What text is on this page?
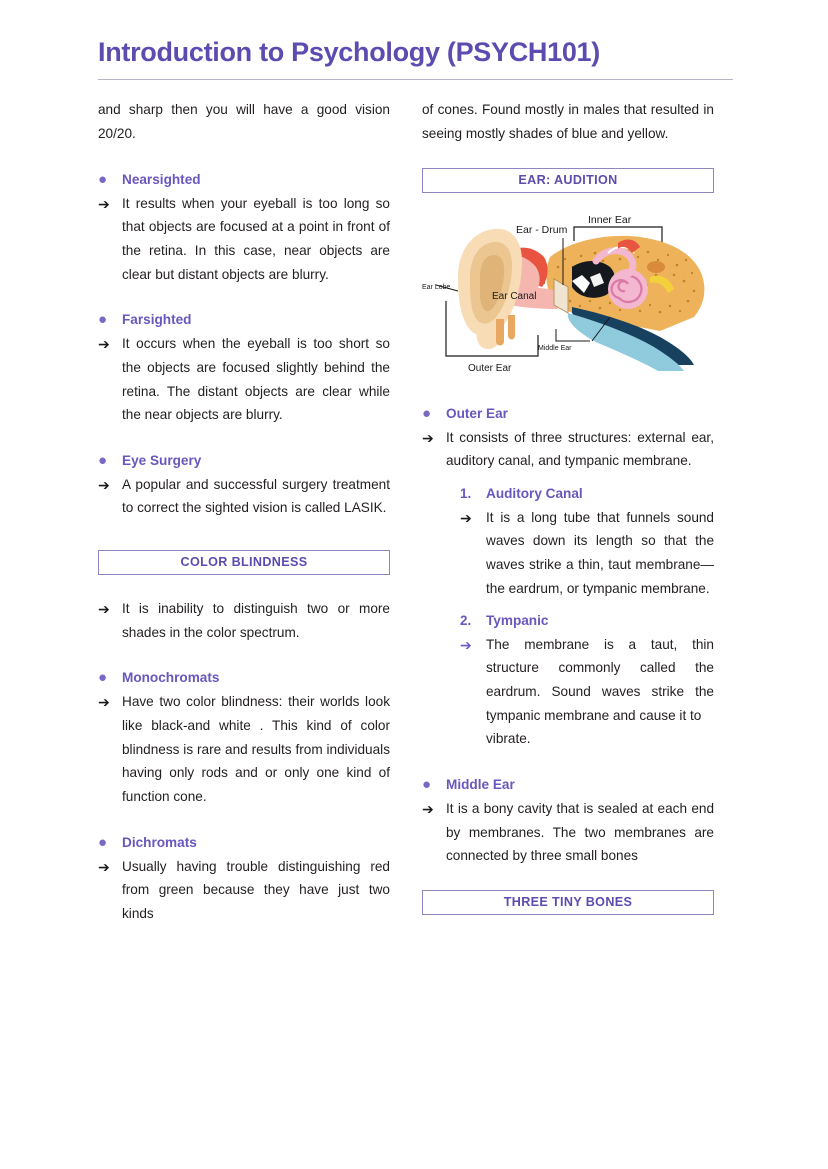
Introduction to Psychology (PSYCH101)

and sharp then you will have a good vision 20/20.

●	Nearsighted
➔ It results when your eyeball is too long so that objects are focused at a point in front of the retina. In this case, near objects are clear but distant objects are blurry.
●	Farsighted
➔ It occurs when the eyeball is too short so the objects are focused slightly behind the retina. The distant objects are clear while the near objects are blurry.
●	Eye Surgery
➔ A popular and successful surgery treatment to correct the sighted vision is called LASIK.
COLOR BLINDNESS
➔ It is inability to distinguish two or more shades in the color spectrum.
●	Monochromats
➔ Have two color blindness: their worlds look like black-and white . This kind of color blindness is rare and results from individuals having only rods and or only one kind of function cone.
●	Dichromats
➔ Usually having trouble distinguishing red from green because they have just two kinds

of cones. Found mostly in males that resulted in seeing mostly shades of blue and yellow.

EAR: AUDITION
Ear - Drum
Inner Ear
Ear Lobe
Ear Canal
Middle Ear
Outer Ear
●	Outer Ear
➔ It consists of three structures: external ear, auditory canal, and tympanic membrane.
1.	Auditory Canal
➔	It is a long tube that funnels sound waves down its length so that the waves strike a thin, taut membrane—the eardrum, or tympanic membrane.
2.	Tympanic
➔	The membrane is a taut, thin structure commonly called the eardrum. Sound waves strike the tympanic membrane and cause it to
vibrate.
●	Middle Ear
➔ It is a bony cavity that is sealed at each end by membranes. The two membranes are connected by three small bones
THREE TINY BONES
